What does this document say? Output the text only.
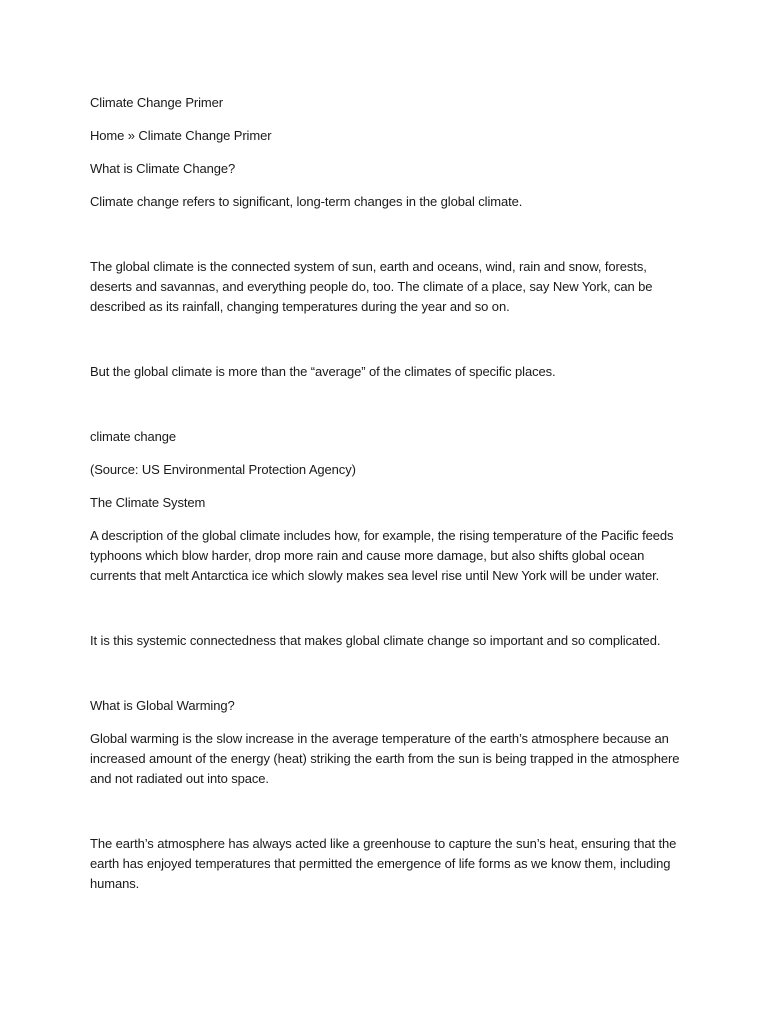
Climate Change Primer

Home » Climate Change Primer

What is Climate Change?

Climate change refers to significant, long-term changes in the global climate.

The global climate is the connected system of sun, earth and oceans, wind, rain and snow, forests, deserts and savannas, and everything people do, too. The climate of a place, say New York, can be described as its rainfall, changing temperatures during the year and so on.

But the global climate is more than the “average” of the climates of specific places.

climate change

(Source: US Environmental Protection Agency)

The Climate System

A description of the global climate includes how, for example, the rising temperature of the Pacific feeds typhoons which blow harder, drop more rain and cause more damage, but also shifts global ocean currents that melt Antarctica ice which slowly makes sea level rise until New York will be under water.

It is this systemic connectedness that makes global climate change so important and so complicated.

What is Global Warming?

Global warming is the slow increase in the average temperature of the earth’s atmosphere because an increased amount of the energy (heat) striking the earth from the sun is being trapped in the atmosphere and not radiated out into space.

The earth’s atmosphere has always acted like a greenhouse to capture the sun’s heat, ensuring that the earth has enjoyed temperatures that permitted the emergence of life forms as we know them, including humans.
